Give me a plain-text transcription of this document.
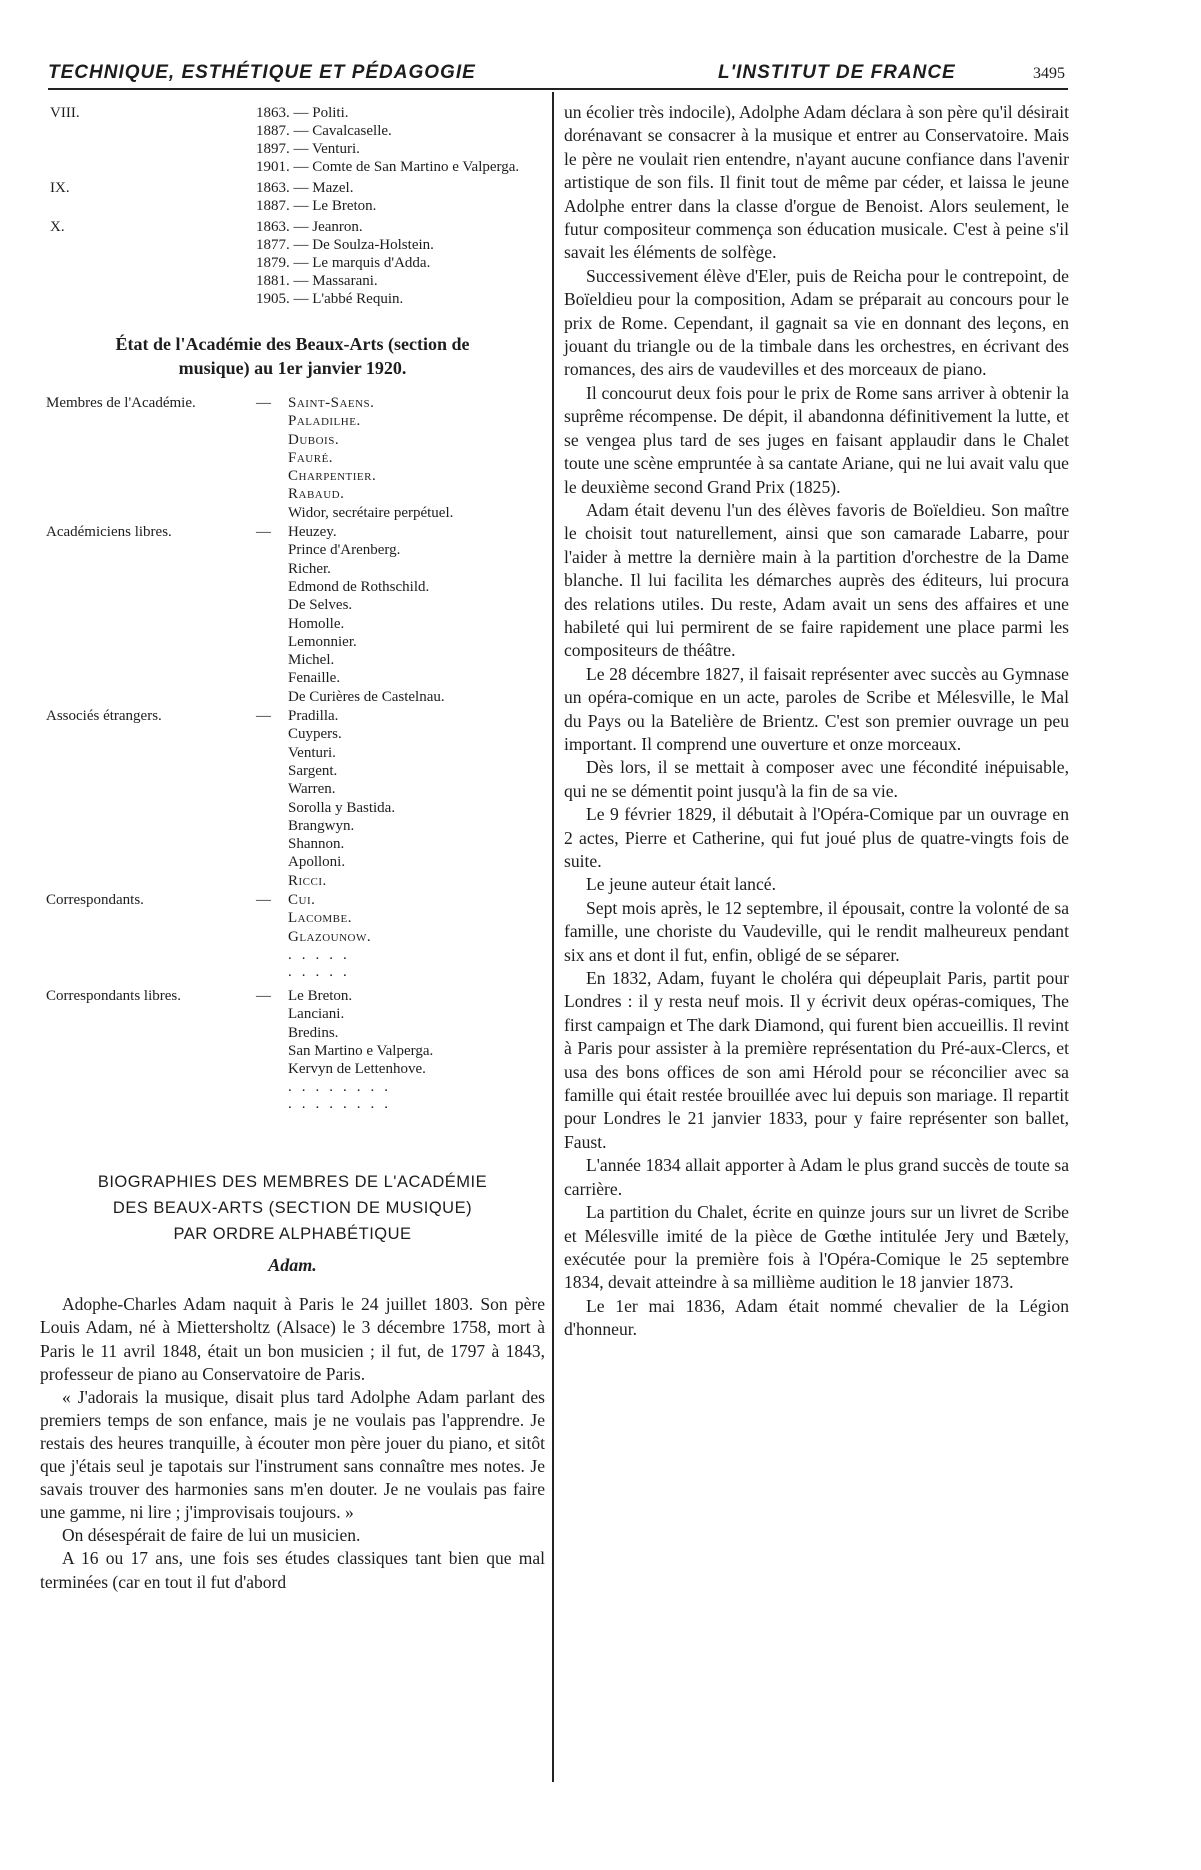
TECHNIQUE, ESTHÉTIQUE ET PÉDAGOGIE	L'INSTITUT DE FRANCE	3495
VIII.	1863. — Politi.
1887. — Cavalcaselle.
1897. — Venturi.
1901. — Comte de San Martino e Valperga.
IX.	1863. — Mazel.
1887. — Le Breton.
X.	1863. — Jeanron.
1877. — De Soulza-Holstein.
1879. — Le marquis d'Adda.
1881. — Massarani.
1905. — L'abbé Requin.
État de l'Académie des Beaux-Arts (section de
musique) au 1er janvier 1920.
Membres de l'Académie.	— Saint-Saens.
Paladilhe.
Dubois.
Fauré.
Charpentier.
Rabaud.
Widor, secrétaire perpétuel.
Académiciens libres.	— Heuzey.
Prince d'Arenberg.
Richer.
Edmond de Rothschild.
De Selves.
Homolle.
Lemonnier.
Michel.
Fenaille.
De Curières de Castelnau.
Associés étrangers.	— Pradilla.
Cuypers.
Venturi.
Sargent.
Warren.
Sorolla y Bastida.
Brangwyn.
Shannon.
Apolloni.
Ricci.
Correspondants.	— Cui.
Lacombe.
Glazounow.
.....
.....
Correspondants libres.	— Le Breton.
Lanciani.
Bredins.
San Martino e Valperga.
Kervyn de Lettenhove.
........
........
BIOGRAPHIES DES MEMBRES DE L'ACADÉMIE
DES BEAUX-ARTS (SECTION DE MUSIQUE)
PAR ORDRE ALPHABÉTIQUE
Adam.

Adophe-Charles Adam naquit à Paris le 24 juillet 1803. Son père Louis Adam, né à Miettersholtz (Alsace) le 3 décembre 1758, mort à Paris le 11 avril 1848, était un bon musicien ; il fut, de 1797 à 1843, professeur de piano au Conservatoire de Paris.

« J'adorais la musique, disait plus tard Adolphe Adam parlant des premiers temps de son enfance, mais je ne voulais pas l'apprendre. Je restais des heures tranquille, à écouter mon père jouer du piano, et sitôt que j'étais seul je tapotais sur l'instrument sans connaître mes notes. Je savais trouver des harmonies sans m'en douter. Je ne voulais pas faire une gamme, ni lire ; j'improvisais toujours. »

On désespérait de faire de lui un musicien.

A 16 ou 17 ans, une fois ses études classiques tant bien que mal terminées (car en tout il fut d'abord

un écolier très indocile), Adolphe Adam déclara à son père qu'il désirait dorénavant se consacrer à la musique et entrer au Conservatoire. Mais le père ne voulait rien entendre, n'ayant aucune confiance dans l'avenir artistique de son fils. Il finit tout de même par céder, et laissa le jeune Adolphe entrer dans la classe d'orgue de Benoist. Alors seulement, le futur compositeur commença son éducation musicale. C'est à peine s'il savait les éléments de solfège.

Successivement élève d'Eler, puis de Reicha pour le contrepoint, de Boïeldieu pour la composition, Adam se préparait au concours pour le prix de Rome. Cependant, il gagnait sa vie en donnant des leçons, en jouant du triangle ou de la timbale dans les orchestres, en écrivant des romances, des airs de vaudevilles et des morceaux de piano.

Il concourut deux fois pour le prix de Rome sans arriver à obtenir la suprême récompense. De dépit, il abandonna définitivement la lutte, et se vengea plus tard de ses juges en faisant applaudir dans le Chalet toute une scène empruntée à sa cantate Ariane, qui ne lui avait valu que le deuxième second Grand Prix (1825).

Adam était devenu l'un des élèves favoris de Boïeldieu. Son maître le choisit tout naturellement, ainsi que son camarade Labarre, pour l'aider à mettre la dernière main à la partition d'orchestre de la Dame blanche. Il lui facilita les démarches auprès des éditeurs, lui procura des relations utiles. Du reste, Adam avait un sens des affaires et une habileté qui lui permirent de se faire rapidement une place parmi les compositeurs de théâtre.

Le 28 décembre 1827, il faisait représenter avec succès au Gymnase un opéra-comique en un acte, paroles de Scribe et Mélesville, le Mal du Pays ou la Batelière de Brientz. C'est son premier ouvrage un peu important. Il comprend une ouverture et onze morceaux.

Dès lors, il se mettait à composer avec une fécondité inépuisable, qui ne se démentit point jusqu'à la fin de sa vie.

Le 9 février 1829, il débutait à l'Opéra-Comique par un ouvrage en 2 actes, Pierre et Catherine, qui fut joué plus de quatre-vingts fois de suite.

Le jeune auteur était lancé.

Sept mois après, le 12 septembre, il épousait, contre la volonté de sa famille, une choriste du Vaudeville, qui le rendit malheureux pendant six ans et dont il fut, enfin, obligé de se séparer.

En 1832, Adam, fuyant le choléra qui dépeuplait Paris, partit pour Londres : il y resta neuf mois. Il y écrivit deux opéras-comiques, The first campaign et The dark Diamond, qui furent bien accueillis. Il revint à Paris pour assister à la première représentation du Pré-aux-Clercs, et usa des bons offices de son ami Hérold pour se réconcilier avec sa famille qui était restée brouillée avec lui depuis son mariage. Il repartit pour Londres le 21 janvier 1833, pour y faire représenter son ballet, Faust.

L'année 1834 allait apporter à Adam le plus grand succès de toute sa carrière.

La partition du Chalet, écrite en quinze jours sur un livret de Scribe et Mélesville imité de la pièce de Gœthe intitulée Jery und Bætely, exécutée pour la première fois à l'Opéra-Comique le 25 septembre 1834, devait atteindre à sa millième audition le 18 janvier 1873.

Le 1er mai 1836, Adam était nommé chevalier de la Légion d'honneur.
